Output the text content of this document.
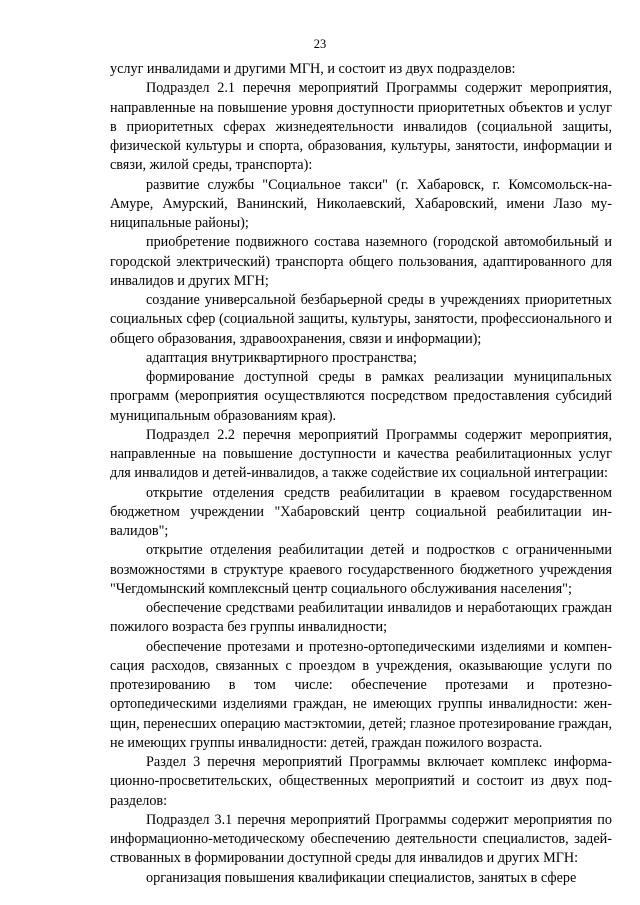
23

услуг инвалидами и другими МГН, и состоит из двух подразделов:

Подраздел 2.1 перечня мероприятий Программы содержит мероприятия, направленные на повышение уровня доступности приоритетных объектов и услуг в приоритетных сферах жизнедеятельности инвалидов (социальной защиты, физической культуры и спорта, образования, культуры, занятости, информации и связи, жилой среды, транспорта):

развитие службы "Социальное такси" (г. Хабаровск, г. Комсомольск-на-Амуре, Амурский, Ванинский, Николаевский, Хабаровский, имени Лазо муниципальные районы);

приобретение подвижного состава наземного (городской автомобильный и городской электрический) транспорта общего пользования, адаптированного для инвалидов и других МГН;

создание универсальной безбарьерной среды в учреждениях приоритетных социальных сфер (социальной защиты, культуры, занятости, профессионального и общего образования, здравоохранения, связи и информации);

адаптация внутриквартирного пространства;

формирование доступной среды в рамках реализации муниципальных программ (мероприятия осуществляются посредством предоставления субсидий муниципальным образованиям края).

Подраздел 2.2 перечня мероприятий Программы содержит мероприятия, направленные на повышение доступности и качества реабилитационных услуг для инвалидов и детей-инвалидов, а также содействие их социальной интеграции:

открытие отделения средств реабилитации в краевом государственном бюджетном учреждении "Хабаровский центр социальной реабилитации инвалидов";

открытие отделения реабилитации детей и подростков с ограниченными возможностями в структуре краевого государственного бюджетного учреждения "Чегдомынский комплексный центр социального обслуживания населения";

обеспечение средствами реабилитации инвалидов и неработающих граждан пожилого возраста без группы инвалидности;

обеспечение протезами и протезно-ортопедическими изделиями и компенсация расходов, связанных с проездом в учреждения, оказывающие услуги по протезированию в том числе: обеспечение протезами и протезно-ортопедическими изделиями граждан, не имеющих группы инвалидности: женщин, перенесших операцию мастэктомии, детей; глазное протезирование граждан, не имеющих группы инвалидности: детей, граждан пожилого возраста.

Раздел 3 перечня мероприятий Программы включает комплекс информационно-просветительских, общественных мероприятий и состоит из двух подразделов:

Подраздел 3.1 перечня мероприятий Программы содержит мероприятия по информационно-методическому обеспечению деятельности специалистов, задействованных в формировании доступной среды для инвалидов и других МГН:

организация повышения квалификации специалистов, занятых в сфере
